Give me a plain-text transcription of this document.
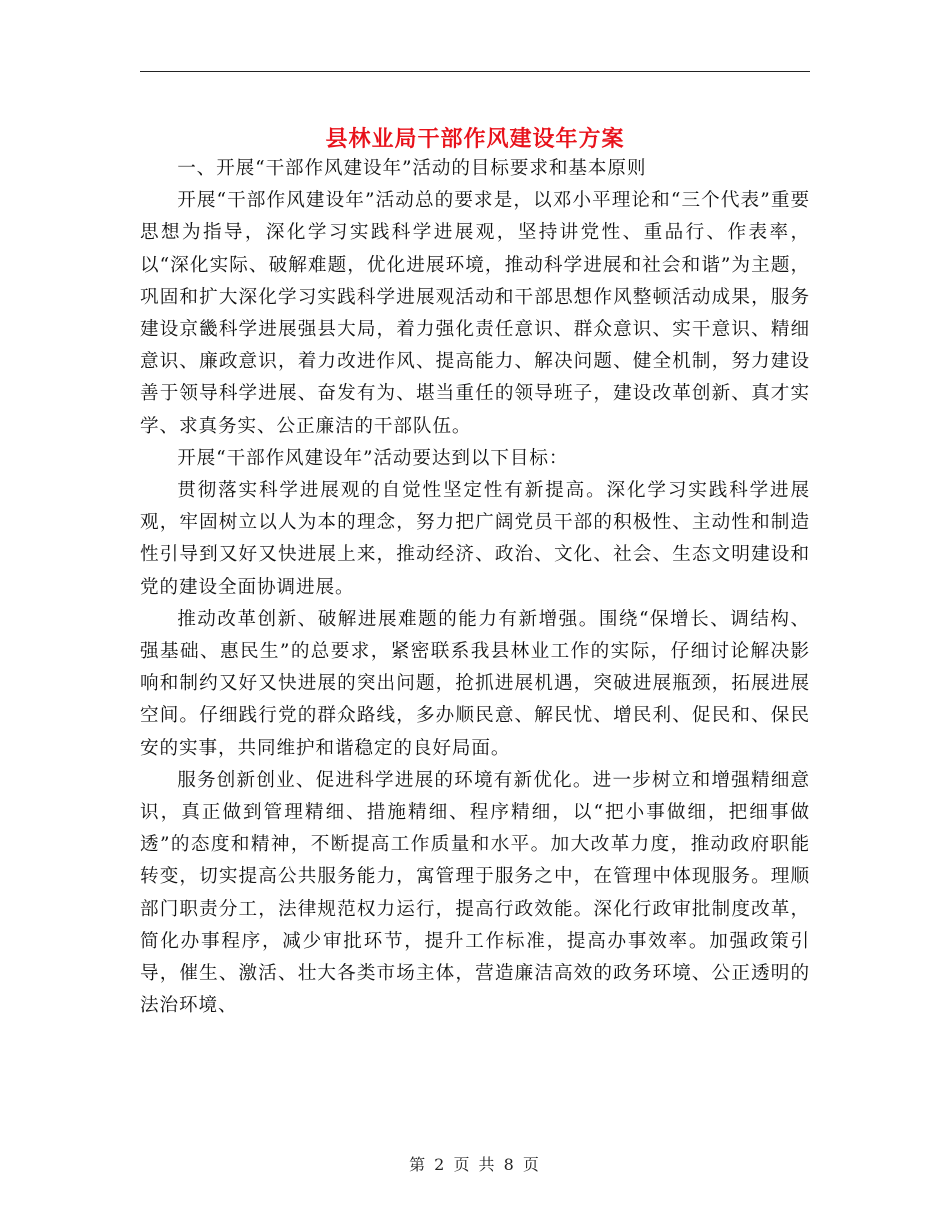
县林业局干部作风建设年方案

一、开展“干部作风建设年”活动的目标要求和基本原则

开展“干部作风建设年”活动总的要求是，以邓小平理论和“三个代表”重要思想为指导，深化学习实践科学进展观，坚持讲党性、重品行、作表率，以“深化实际、破解难题，优化进展环境，推动科学进展和社会和谐”为主题，巩固和扩大深化学习实践科学进展观活动和干部思想作风整顿活动成果，服务建设京畿科学进展强县大局，着力强化责任意识、群众意识、实干意识、精细意识、廉政意识，着力改进作风、提高能力、解决问题、健全机制，努力建设善于领导科学进展、奋发有为、堪当重任的领导班子，建设改革创新、真才实学、求真务实、公正廉洁的干部队伍。

开展“干部作风建设年”活动要达到以下目标：

贯彻落实科学进展观的自觉性坚定性有新提高。深化学习实践科学进展观，牢固树立以人为本的理念，努力把广阔党员干部的积极性、主动性和制造性引导到又好又快进展上来，推动经济、政治、文化、社会、生态文明建设和党的建设全面协调进展。

推动改革创新、破解进展难题的能力有新增强。围绕“保增长、调结构、强基础、惠民生”的总要求，紧密联系我县林业工作的实际，仔细讨论解决影响和制约又好又快进展的突出问题，抢抓进展机遇，突破进展瓶颈，拓展进展空间。仔细践行党的群众路线，多办顺民意、解民忧、增民利、促民和、保民安的实事，共同维护和谐稳定的良好局面。

服务创新创业、促进科学进展的环境有新优化。进一步树立和增强精细意识，真正做到管理精细、措施精细、程序精细，以“把小事做细，把细事做透”的态度和精神，不断提高工作质量和水平。加大改革力度，推动政府职能转变，切实提高公共服务能力，寓管理于服务之中，在管理中体现服务。理顺部门职责分工，法律规范权力运行，提高行政效能。深化行政审批制度改革，简化办事程序，减少审批环节，提升工作标准，提高办事效率。加强政策引导，催生、激活、壮大各类市场主体，营造廉洁高效的政务环境、公正透明的法治环境、

第 2 页 共 8 页
